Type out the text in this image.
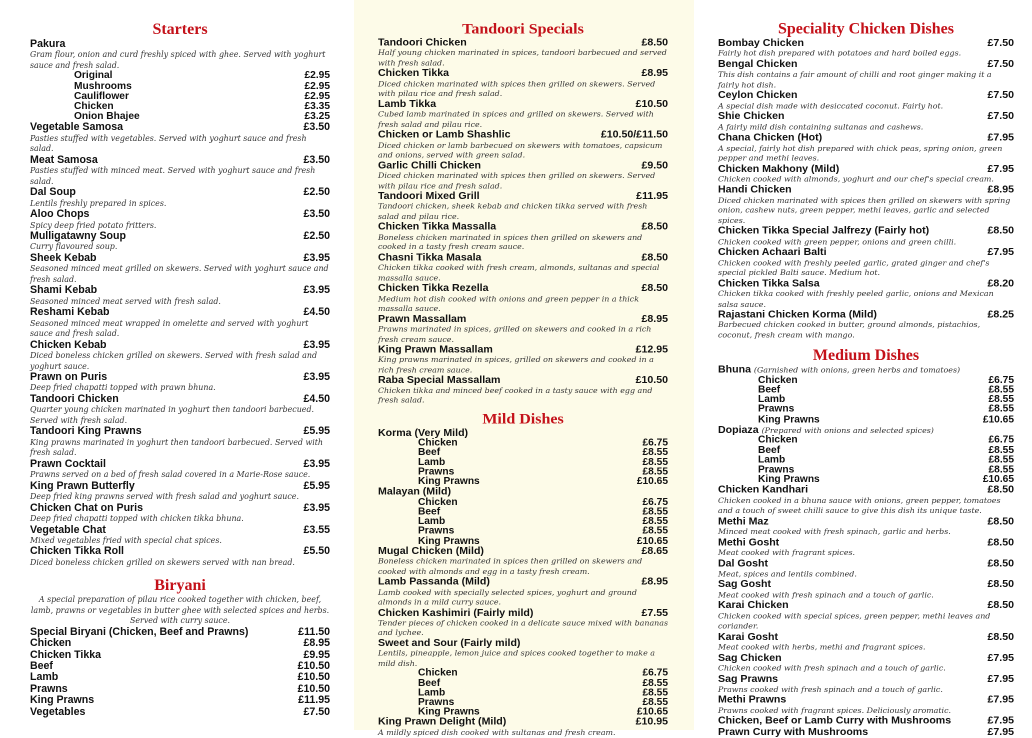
Starters
Pakura
Gram flour, onion and curd freshly spiced with ghee. Served with yoghurt sauce and fresh salad.
Original	£2.95
Mushrooms	£2.95
Cauliflower	£2.95
Chicken	£3.35
Onion Bhajee	£3.25
Vegetable Samosa	£3.50
Pasties stuffed with vegetables. Served with yoghurt sauce and fresh salad.
Meat Samosa	£3.50
Pasties stuffed with minced meat. Served with yoghurt sauce and fresh salad.
Dal Soup	£2.50
Lentils freshly prepared in spices.
Aloo Chops	£3.50
Spicy deep fried potato fritters.
Mulligatawny Soup	£2.50
Curry flavoured soup.
Sheek Kebab	£3.95
Seasoned minced meat grilled on skewers. Served with yoghurt sauce and fresh salad.
Shami Kebab	£3.95
Seasoned minced meat served with fresh salad.
Reshami Kebab	£4.50
Seasoned minced meat wrapped in omelette and served with yoghurt sauce and fresh salad.
Chicken Kebab	£3.95
Diced boneless chicken grilled on skewers. Served with fresh salad and yoghurt sauce.
Prawn on Puris	£3.95
Deep fried chapatti topped with prawn bhuna.
Tandoori Chicken	£4.50
Quarter young chicken marinated in yoghurt then tandoori barbecued. Served with fresh salad.
Tandoori King Prawns	£5.95
King prawns marinated in yoghurt then tandoori barbecued. Served with fresh salad.
Prawn Cocktail	£3.95
Prawns served on a bed of fresh salad covered in a Marie-Rose sauce.
King Prawn Butterfly	£5.95
Deep fried king prawns served with fresh salad and yoghurt sauce.
Chicken Chat on Puris	£3.95
Deep fried chapatti topped with chicken tikka bhuna.
Vegetable Chat	£3.55
Mixed vegetables fried with special chat spices.
Chicken Tikka Roll	£5.50
Diced boneless chicken grilled on skewers served with nan bread.
Biryani
A special preparation of pilau rice cooked together with chicken, beef, lamb, prawns or vegetables in butter ghee with selected spices and herbs. Served with curry sauce.
Special Biryani (Chicken, Beef and Prawns)	£11.50
Chicken	£8.95
Chicken Tikka	£9.95
Beef	£10.50
Lamb	£10.50
Prawns	£10.50
King Prawns	£11.95
Vegetables	£7.50
Tandoori Specials
Tandoori Chicken	£8.50
Half young chicken marinated in spices, tandoori barbecued and served with fresh salad.
Chicken Tikka	£8.95
Diced chicken marinated with spices then grilled on skewers. Served with pilau rice and fresh salad.
Lamb Tikka	£10.50
Cubed lamb marinated in spices and grilled on skewers. Served with fresh salad and pilau rice.
Chicken or Lamb Shashlic	£10.50/£11.50
Diced chicken or lamb barbecued on skewers with tomatoes, capsicum and onions, served with green salad.
Garlic Chilli Chicken	£9.50
Diced chicken marinated with spices then grilled on skewers. Served with pilau rice and fresh salad.
Tandoori Mixed Grill	£11.95
Tandoori chicken, sheek kebab and chicken tikka served with fresh salad and pilau rice.
Chicken Tikka Massalla	£8.50
Boneless chicken marinated in spices then grilled on skewers and cooked in a tasty fresh cream sauce.
Chasni Tikka Masala	£8.50
Chicken tikka cooked with fresh cream, almonds, sultanas and special massalla sauce.
Chicken Tikka Rezella	£8.50
Medium hot dish cooked with onions and green pepper in a thick massalla sauce.
Prawn Massallam	£8.95
Prawns marinated in spices, grilled on skewers and cooked in a rich fresh cream sauce.
King Prawn Massallam	£12.95
King prawns marinated in spices, grilled on skewers and cooked in a rich fresh cream sauce.
Raba Special Massallam	£10.50
Chicken tikka and minced beef cooked in a tasty sauce with egg and fresh salad.
Mild Dishes
Korma (Very Mild)
Chicken	£6.75
Beef	£8.55
Lamb	£8.55
Prawns	£8.55
King Prawns	£10.65
Malayan (Mild)
Chicken	£6.75
Beef	£8.55
Lamb	£8.55
Prawns	£8.55
King Prawns	£10.65
Mugal Chicken (Mild)	£8.65
Boneless chicken marinated in spices then grilled on skewers and cooked with almonds and egg in a tasty fresh cream.
Lamb Passanda (Mild)	£8.95
Lamb cooked with specially selected spices, yoghurt and ground almonds in a mild curry sauce.
Chicken Kashimiri (Fairly mild)	£7.55
Tender pieces of chicken cooked in a delicate sauce mixed with bananas and lychee.
Sweet and Sour (Fairly mild)
Lentils, pineapple, lemon juice and spices cooked together to make a mild dish.
Chicken	£6.75
Beef	£8.55
Lamb	£8.55
Prawns	£8.55
King Prawns	£10.65
King Prawn Delight (Mild)	£10.95
A mildly spiced dish cooked with sultanas and fresh cream.
Speciality Chicken Dishes
Bombay Chicken	£7.50
Fairly hot dish prepared with potatoes and hard boiled eggs.
Bengal Chicken	£7.50
This dish contains a fair amount of chilli and root ginger making it a fairly hot dish.
Ceylon Chicken	£7.50
A special dish made with desiccated coconut. Fairly hot.
Shie Chicken	£7.50
A fairly mild dish containing sultanas and cashews.
Chana Chicken (Hot)	£7.95
A special, fairly hot dish prepared with chick peas, spring onion, green pepper and methi leaves.
Chicken Makhony (Mild)	£7.95
Chicken cooked with almonds, yoghurt and our chef's special cream.
Handi Chicken	£8.95
Diced chicken marinated with spices then grilled on skewers with spring onion, cashew nuts, green pepper, methi leaves, garlic and selected spices.
Chicken Tikka Special Jalfrezy (Fairly hot)	£8.50
Chicken cooked with green pepper, onions and green chilli.
Chicken Achaari Balti	£7.95
Chicken cooked with freshly peeled garlic, grated ginger and chef's special pickled Balti sauce. Medium hot.
Chicken Tikka Salsa	£8.20
Chicken tikka cooked with freshly peeled garlic, onions and Mexican salsa sauce.
Rajastani Chicken Korma (Mild)	£8.25
Barbecued chicken cooked in butter, ground almonds, pistachios, coconut, fresh cream with mango.
Medium Dishes
Bhuna (Garnished with onions, green herbs and tomatoes)
Chicken	£6.75
Beef	£8.55
Lamb	£8.55
Prawns	£8.55
King Prawns	£10.65
Dopiaza (Prepared with onions and selected spices)
Chicken	£6.75
Beef	£8.55
Lamb	£8.55
Prawns	£8.55
King Prawns	£10.65
Chicken Kandhari	£8.50
Chicken cooked in a bhuna sauce with onions, green pepper, tomatoes and a touch of sweet chilli sauce to give this dish its unique taste.
Methi Maz	£8.50
Minced meat cooked with fresh spinach, garlic and herbs.
Methi Gosht	£8.50
Meat cooked with fragrant spices.
Dal Gosht	£8.50
Meat, spices and lentils combined.
Sag Gosht	£8.50
Meat cooked with fresh spinach and a touch of garlic.
Karai Chicken	£8.50
Chicken cooked with special spices, green pepper, methi leaves and coriander.
Karai Gosht	£8.50
Meat cooked with herbs, methi and fragrant spices.
Sag Chicken	£7.95
Chicken cooked with fresh spinach and a touch of garlic.
Sag Prawns	£7.95
Prawns cooked with fresh spinach and a touch of garlic.
Methi Prawns	£7.95
Prawns cooked with fragrant spices. Deliciously aromatic.
Chicken, Beef or Lamb Curry with Mushrooms	£7.95
Prawn Curry with Mushrooms	£7.95
